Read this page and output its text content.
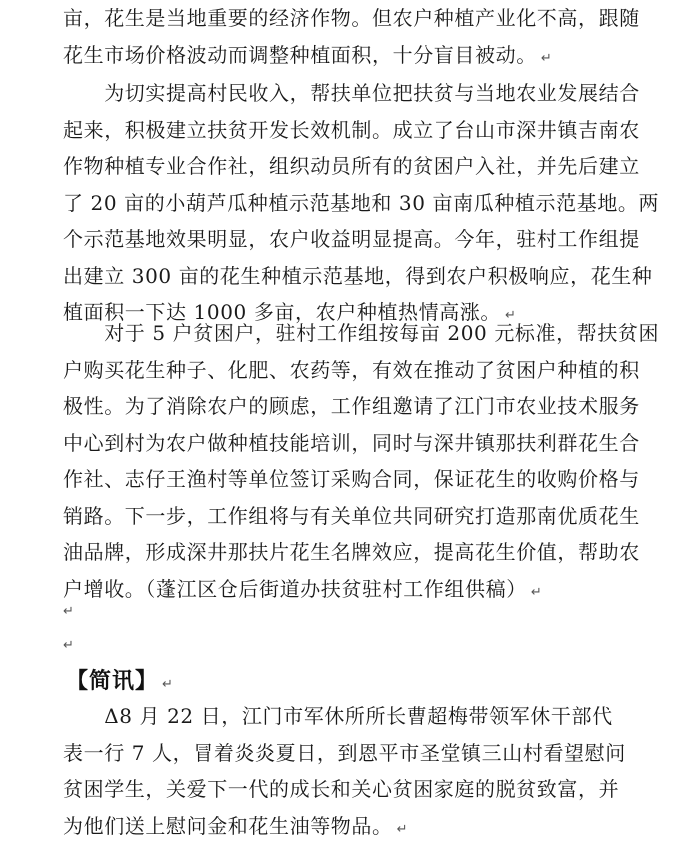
亩，花生是当地重要的经济作物。但农户种植产业化不高，跟随
花生市场价格波动而调整种植面积，十分盲目被动。 ↵
　　为切实提高村民收入，帮扶单位把扶贫与当地农业发展结合
起来，积极建立扶贫开发长效机制。成立了台山市深井镇吉南农
作物种植专业合作社，组织动员所有的贫困户入社，并先后建立
了 20 亩的小葫芦瓜种植示范基地和 30 亩南瓜种植示范基地。两
个示范基地效果明显，农户收益明显提高。今年，驻村工作组提
出建立 300 亩的花生种植示范基地，得到农户积极响应，花生种
植面积一下达 1000 多亩，农户种植热情高涨。 ↵
　　对于 5 户贫困户，驻村工作组按每亩 200 元标准，帮扶贫困
户购买花生种子、化肥、农药等，有效在推动了贫困户种植的积
极性。为了消除农户的顾虑，工作组邀请了江门市农业技术服务
中心到村为农户做种植技能培训，同时与深井镇那扶利群花生合
作社、志仔王渔村等单位签订采购合同，保证花生的收购价格与
销路。下一步，工作组将与有关单位共同研究打造那南优质花生
油品牌，形成深井那扶片花生名牌效应，提高花生价值，帮助农
户增收。（蓬江区仓后街道办扶贫驻村工作组供稿） ↵
↵
↵
【简讯】 ↵
　　Δ8 月 22 日，江门市军休所所长曹超梅带领军休干部代
表一行 7 人，冒着炎炎夏日，到恩平市圣堂镇三山村看望慰问
贫困学生，关爱下一代的成长和关心贫困家庭的脱贫致富，并
为他们送上慰问金和花生油等物品。 ↵
